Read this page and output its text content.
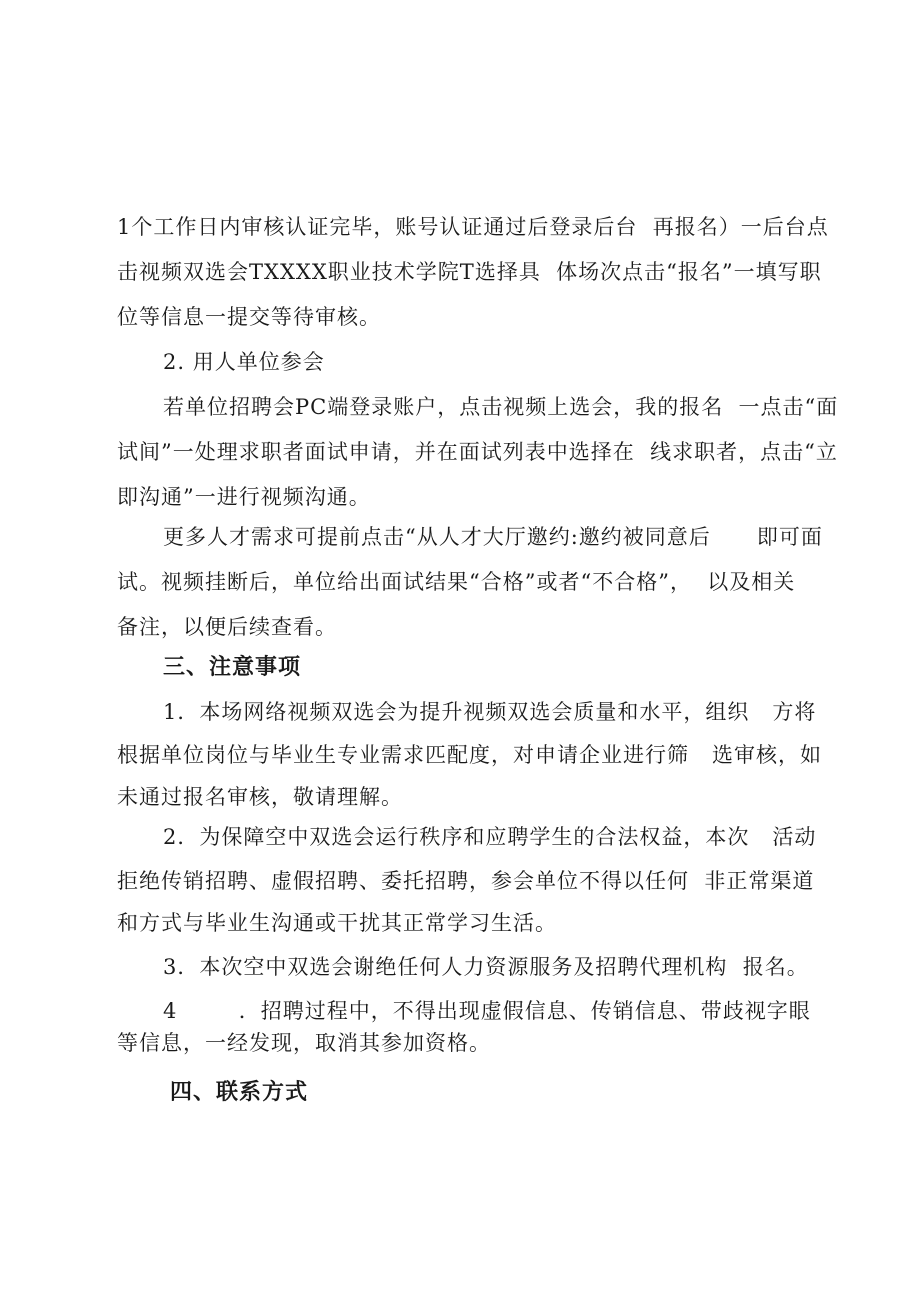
1个工作日内审核认证完毕，账号认证通过后登录后台  再报名）一后台点
击视频双选会TXXXX职业技术学院T选择具  体场次点击“报名”一填写职
位等信息一提交等待审核。
2. 用人单位参会
若单位招聘会PC端登录账户，点击视频上选会，我的报名  一点击“面
试间”一处理求职者面试申请，并在面试列表中选择在  线求职者，点击“立
即沟通”一进行视频沟通。
更多人才需求可提前点击“从人才大厅邀约:邀约被同意后      即可面
试。视频挂断后，单位给出面试结果“合格”或者“不合格”，  以及相关
备注，以便后续查看。
三、注意事项
1．本场网络视频双选会为提升视频双选会质量和水平，组织   方将
根据单位岗位与毕业生专业需求匹配度，对申请企业进行筛   选审核，如
未通过报名审核，敬请理解。
2．为保障空中双选会运行秩序和应聘学生的合法权益，本次   活动
拒绝传销招聘、虚假招聘、委托招聘，参会单位不得以任何  非正常渠道
和方式与毕业生沟通或干扰其正常学习生活。
3．本次空中双选会谢绝任何人力资源服务及招聘代理机构  报名。
4        ．招聘过程中，不得出现虚假信息、传销信息、带歧视字眼
等信息，一经发现，取消其参加资格。
四、联系方式
